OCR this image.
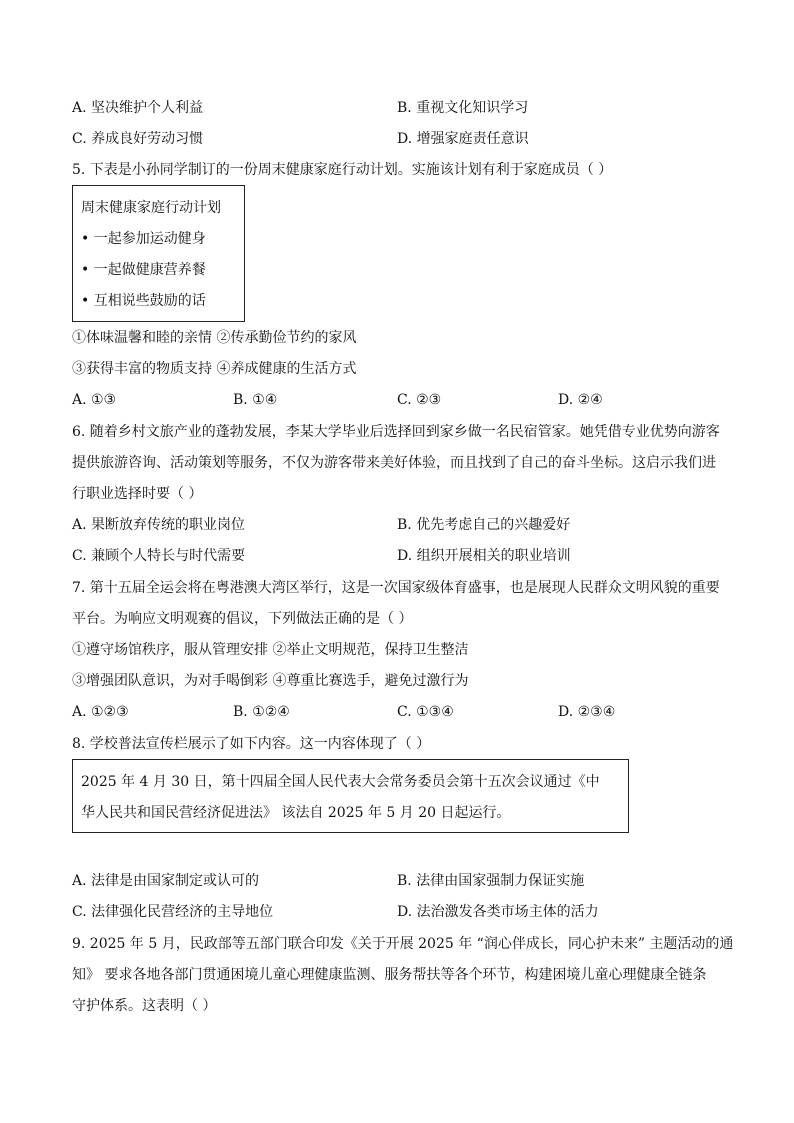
A. 坚决维护个人利益	B. 重视文化知识学习
C. 养成良好劳动习惯	D. 增强家庭责任意识
5. 下表是小孙同学制订的一份周末健康家庭行动计划。实施该计划有利于家庭成员（ ）
周末健康家庭行动计划
• 一起参加运动健身
• 一起做健康营养餐
• 互相说些鼓励的话
①体味温馨和睦的亲情 ②传承勤俭节约的家风
③获得丰富的物质支持 ④养成健康的生活方式
A. ①③	B. ①④	C. ②③	D. ②④
6. 随着乡村文旅产业的蓬勃发展，李某大学毕业后选择回到家乡做一名民宿管家。她凭借专业优势向游客
提供旅游咨询、活动策划等服务，不仅为游客带来美好体验，而且找到了自己的奋斗坐标。这启示我们进
行职业选择时要（ ）
A. 果断放弃传统的职业岗位	B. 优先考虑自己的兴趣爱好
C. 兼顾个人特长与时代需要	D. 组织开展相关的职业培训
7. 第十五届全运会将在粤港澳大湾区举行，这是一次国家级体育盛事，也是展现人民群众文明风貌的重要
平台。为响应文明观赛的倡议，下列做法正确的是（ ）
①遵守场馆秩序，服从管理安排 ②举止文明规范，保持卫生整洁
③增强团队意识，为对手喝倒彩 ④尊重比赛选手，避免过激行为
A. ①②③	B. ①②④	C. ①③④	D. ②③④
8. 学校普法宣传栏展示了如下内容。这一内容体现了（ ）
2025 年 4 月 30 日，第十四届全国人民代表大会常务委员会第十五次会议通过《中
华人民共和国民营经济促进法》 该法自 2025 年 5 月 20 日起运行。
A. 法律是由国家制定或认可的	B. 法律由国家强制力保证实施
C. 法律强化民营经济的主导地位	D. 法治激发各类市场主体的活力
9. 2025 年 5 月，民政部等五部门联合印发《关于开展 2025 年 “润心伴成长，同心护未来” 主题活动的通
知》 要求各地各部门贯通困境儿童心理健康监测、服务帮扶等各个环节，构建困境儿童心理健康全链条
守护体系。这表明（ ）
